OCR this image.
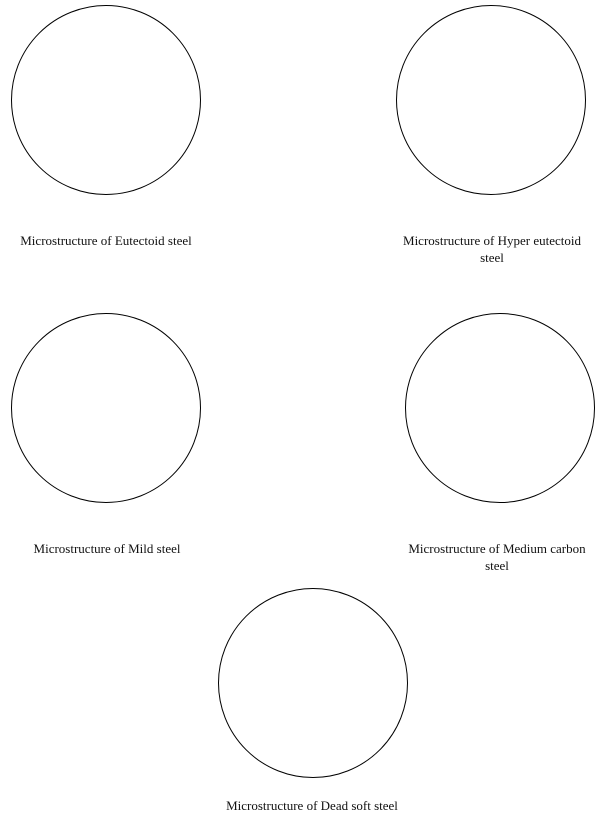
Microstructure of Eutectoid steel	Microstructure of Hyper eutectoid
steel
Microstructure of Mild steel	Microstructure of Medium carbon
steel
Microstructure of Dead soft steel
